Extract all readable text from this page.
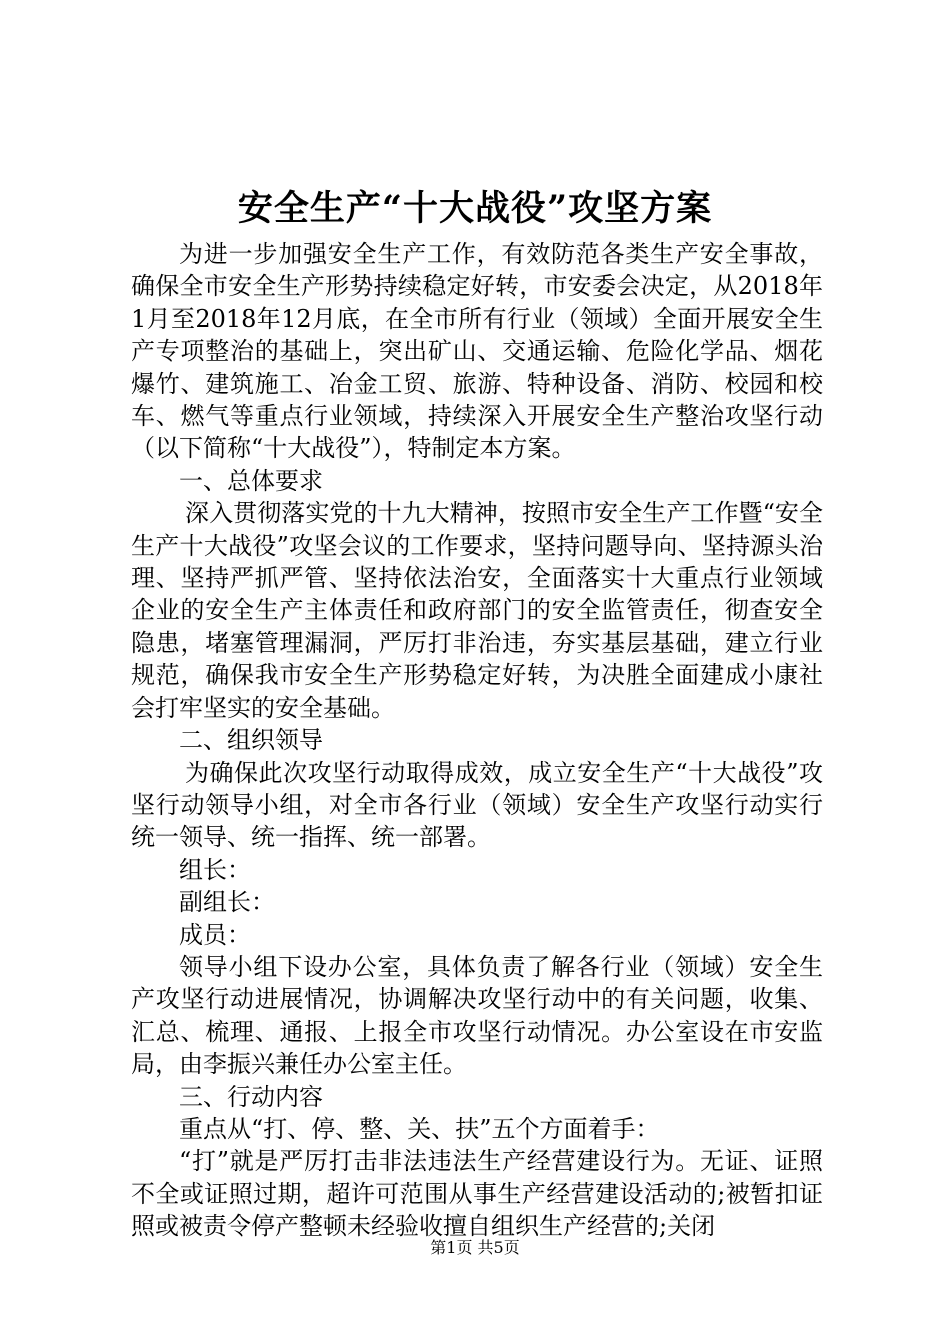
安全生产“十大战役”攻坚方案

为进一步加强安全生产工作，有效防范各类生产安全事故，确保全市安全生产形势持续稳定好转，市安委会决定，从2018年1月至2018年12月底，在全市所有行业（领域）全面开展安全生产专项整治的基础上，突出矿山、交通运输、危险化学品、烟花爆竹、建筑施工、冶金工贸、旅游、特种设备、消防、校园和校车、燃气等重点行业领域，持续深入开展安全生产整治攻坚行动（以下简称“十大战役”），特制定本方案。

一、总体要求

深入贯彻落实党的十九大精神，按照市安全生产工作暨“安全生产十大战役”攻坚会议的工作要求，坚持问题导向、坚持源头治理、坚持严抓严管、坚持依法治安，全面落实十大重点行业领域企业的安全生产主体责任和政府部门的安全监管责任，彻查安全隐患，堵塞管理漏洞，严厉打非治违，夯实基层基础，建立行业规范，确保我市安全生产形势稳定好转，为决胜全面建成小康社会打牢坚实的安全基础。

二、组织领导

为确保此次攻坚行动取得成效，成立安全生产“十大战役”攻坚行动领导小组，对全市各行业（领域）安全生产攻坚行动实行统一领导、统一指挥、统一部署。

组长：

副组长：

成员：

领导小组下设办公室，具体负责了解各行业（领域）安全生产攻坚行动进展情况，协调解决攻坚行动中的有关问题，收集、汇总、梳理、通报、上报全市攻坚行动情况。办公室设在市安监局，由李振兴兼任办公室主任。

三、行动内容

重点从“打、停、整、关、扶”五个方面着手：

“打”就是严厉打击非法违法生产经营建设行为。无证、证照不全或证照过期，超许可范围从事生产经营建设活动的;被暂扣证照或被责令停产整顿未经验收擅自组织生产经营的;关闭

第1页 共5页
